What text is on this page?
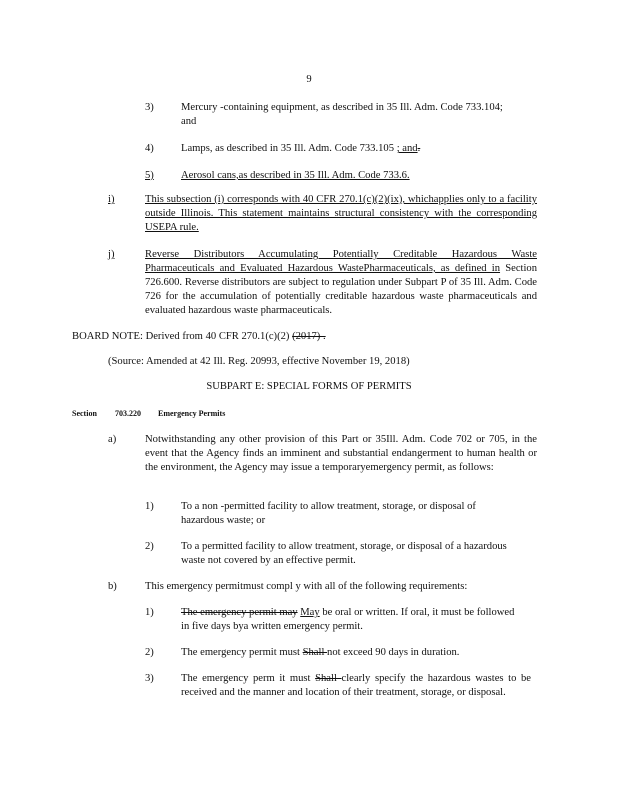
9
3)	Mercury -containing equipment, as described in 35 Ill. Adm. Code 733.104; and
4)	Lamps, as described in 35 Ill. Adm. Code 733.105 ; and.
5)	Aerosol cans,as described in 35 Ill. Adm. Code 733.6.
i)	This subsection (i) corresponds with 40 CFR 270.1(c)(2)(ix), whichapplies only to a facility outside Illinois. This statement maintains structural consistency with the corresponding USEPA rule.
j)	Reverse Distributors Accumulating Potentially Creditable Hazardous Waste Pharmaceuticals and Evaluated Hazardous WastePharmaceuticals, as defined in Section 726.600. Reverse distributors are subject to regulation under Subpart P of 35 Ill. Adm. Code 726 for the accumulation of potentially creditable hazardous waste pharmaceuticals and evaluated hazardous waste pharmaceuticals.
BOARD NOTE: Derived from 40 CFR 270.1(c)(2) (2017) .
(Source: Amended at 42 Ill. Reg. 20993, effective November 19, 2018)
SUBPART E: SPECIAL FORMS OF PERMITS
Section 703.220 Emergency Permits
a)	Notwithstanding any other provision of this Part or 35Ill. Adm. Code 702 or 705, in the event that the Agency finds an imminent and substantial endangerment to human health or the environment, the Agency may issue a temporaryemergency permit, as follows:
1)	To a non -permitted facility to allow treatment, storage, or disposal of hazardous waste; or
2)	To a permitted facility to allow treatment, storage, or disposal of a hazardous waste not covered by an effective permit.
b)	This emergency permitmust compl y with all of the following requirements:
1)	The emergency permit may May be oral or written. If oral, it must be followed in five days bya written emergency permit.
2)	The emergency permit must Shall not exceed 90 days in duration.
3)	The emergency perm it must Shall clearly specify the hazardous wastes to be received and the manner and location of their treatment, storage, or disposal.
